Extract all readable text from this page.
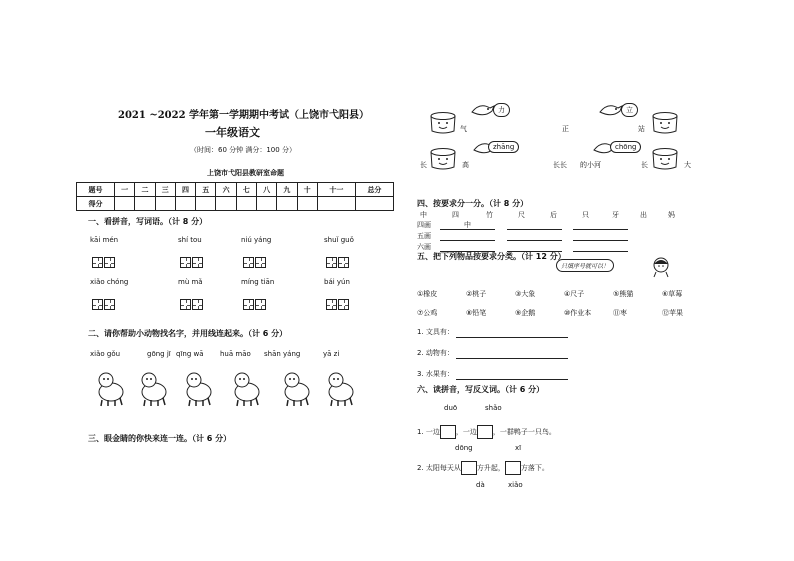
2021 ~2022 学年第一学期期中考试（上饶市弋阳县）
一年级语文
（时间：60 分钟 满分：100 分）
上饶市弋阳县教研室命题
题号	一	二	三	四	五	六	七	八	九	十	十一	总分
得分												
一、看拼音，写词语。（计 8 分）
kāi mén	shí tou	niú yáng	shuǐ guǒ
xiǎo chóng	mù mǎ	míng tiān	bái yún
二、请你帮助小动物找名字，并用线连起来。（计 6 分）
xiǎo gǒu	gōng jī qīng wā huā māo shān yáng	yā zi
三、眼金睛的你快来连一连。（计 6 分）
力	立
气	正	站
zhāng	chōng
长	高	长长 的小河	长	大
四、按要求分一分。（计 8 分）
中	四	竹	尺	后	只	牙	出	妈
四画	中
五画
六画
五、把下列物品按要求分类。（计 12 分）
只填序号就可以！
①橡皮	②桃子	③大象	④尺子	⑤熊猫	⑥草莓
⑦公鸡	⑧铅笔	⑨企鹅	⑩作业本	⑪枣	⑫苹果
1. 文具有：
2. 动物有：
3. 水果有：
六、读拼音，写反义词。（计 6 分）
duō	shǎo
1. 一边 ，一边 ，一群鸭子一只鸟。
dōng	xī
2. 太阳每天从 方升起， 方落下。
dà	xiǎo
